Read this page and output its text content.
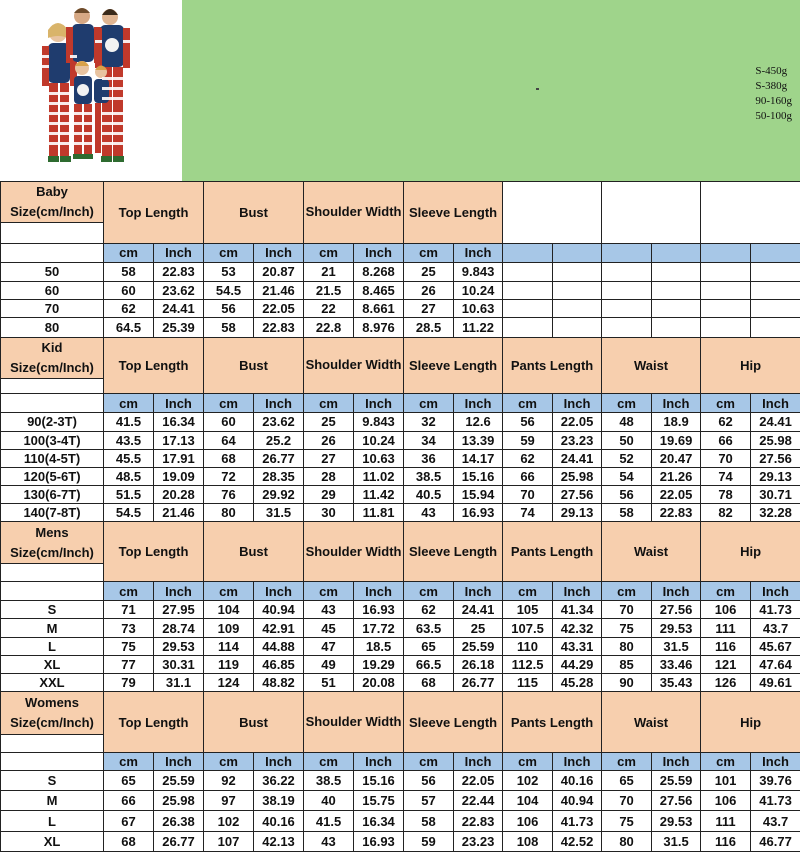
S-450g
S-380g
90-160g
50-100g
Baby
Size(cm/Inch)	Top Length		Bust		Shoulder Width		Sleeve Length							

	cm	Inch	cm	Inch	cm	Inch	cm	Inch						
50	58	22.83	53	20.87	21	8.268	25	9.843						
60	60	23.62	54.5	21.46	21.5	8.465	26	10.24						
70	62	24.41	56	22.05	22	8.661	27	10.63						
80	64.5	25.39	58	22.83	22.8	8.976	28.5	11.22						

Kid
Size(cm/Inch)	Top Length		Bust		Shoulder Width		Sleeve Length		Pants Length		Waist		Hip	

	cm	Inch	cm	Inch	cm	Inch	cm	Inch	cm	Inch	cm	Inch	cm	Inch
90(2-3T)	41.5	16.34	60	23.62	25	9.843	32	12.6	56	22.05	48	18.9	62	24.41
100(3-4T)	43.5	17.13	64	25.2	26	10.24	34	13.39	59	23.23	50	19.69	66	25.98
110(4-5T)	45.5	17.91	68	26.77	27	10.63	36	14.17	62	24.41	52	20.47	70	27.56
120(5-6T)	48.5	19.09	72	28.35	28	11.02	38.5	15.16	66	25.98	54	21.26	74	29.13
130(6-7T)	51.5	20.28	76	29.92	29	11.42	40.5	15.94	70	27.56	56	22.05	78	30.71
140(7-8T)	54.5	21.46	80	31.5	30	11.81	43	16.93	74	29.13	58	22.83	82	32.28

Mens
Size(cm/Inch)	Top Length		Bust		Shoulder Width		Sleeve Length		Pants Length		Waist		Hip	

	cm	Inch	cm	Inch	cm	Inch	cm	Inch	cm	Inch	cm	Inch	cm	Inch
S	71	27.95	104	40.94	43	16.93	62	24.41	105	41.34	70	27.56	106	41.73
M	73	28.74	109	42.91	45	17.72	63.5	25	107.5	42.32	75	29.53	111	43.7
L	75	29.53	114	44.88	47	18.5	65	25.59	110	43.31	80	31.5	116	45.67
XL	77	30.31	119	46.85	49	19.29	66.5	26.18	112.5	44.29	85	33.46	121	47.64
XXL	79	31.1	124	48.82	51	20.08	68	26.77	115	45.28	90	35.43	126	49.61

Womens
Size(cm/Inch)	Top Length		Bust		Shoulder Width		Sleeve Length		Pants Length		Waist		Hip	

	cm	Inch	cm	Inch	cm	Inch	cm	Inch	cm	Inch	cm	Inch	cm	Inch
S	65	25.59	92	36.22	38.5	15.16	56	22.05	102	40.16	65	25.59	101	39.76
M	66	25.98	97	38.19	40	15.75	57	22.44	104	40.94	70	27.56	106	41.73
L	67	26.38	102	40.16	41.5	16.34	58	22.83	106	41.73	75	29.53	111	43.7
XL	68	26.77	107	42.13	43	16.93	59	23.23	108	42.52	80	31.5	116	46.77
